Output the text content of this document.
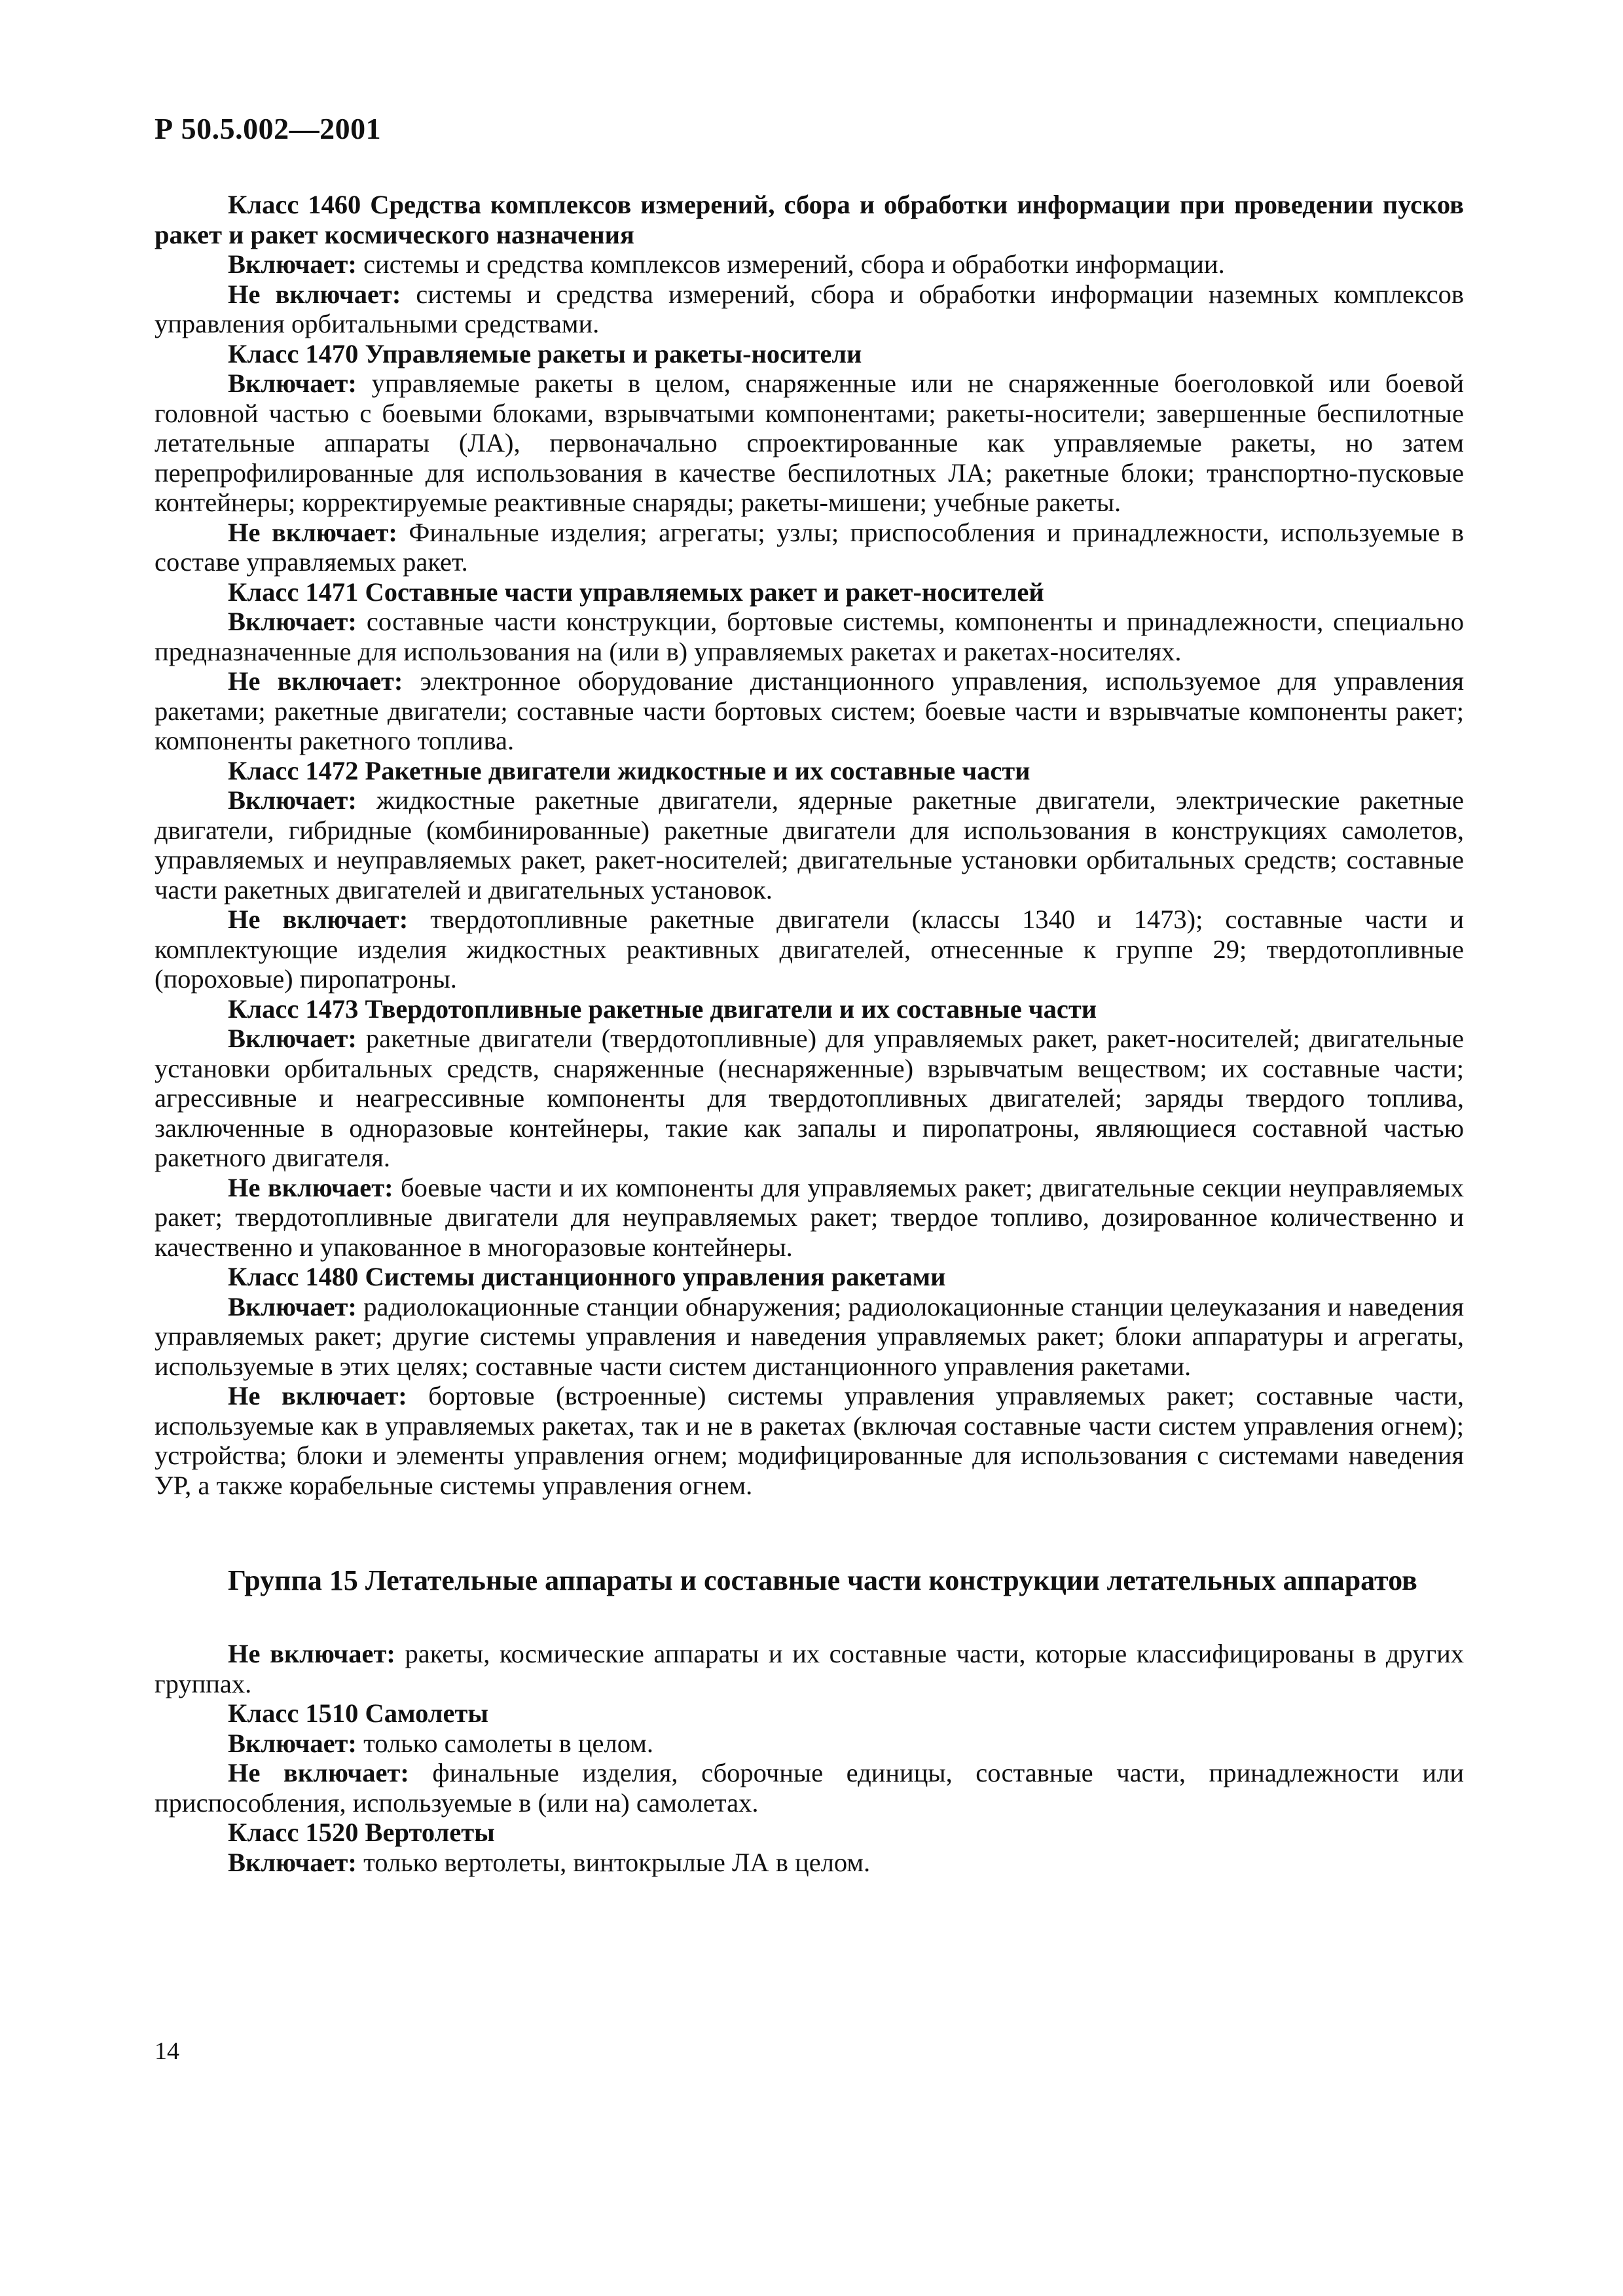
Р 50.5.002—2001

Класс 1460 Средства комплексов измерений, сбора и обработки информации при проведении пусков ракет и ракет космического назначения

Включает: системы и средства комплексов измерений, сбора и обработки информации.

Не включает: системы и средства измерений, сбора и обработки информации наземных комплексов управления орбитальными средствами.

Класс 1470 Управляемые ракеты и ракеты-носители

Включает: управляемые ракеты в целом, снаряженные или не снаряженные боеголовкой или боевой головной частью с боевыми блоками, взрывчатыми компонентами; ракеты-носители; завершенные беспилотные летательные аппараты (ЛА), первоначально спроектированные как управляемые ракеты, но затем перепрофилированные для использования в качестве беспилотных ЛА; ракетные блоки; транспортно-пусковые контейнеры; корректируемые реактивные снаряды; ракеты-мишени; учебные ракеты.

Не включает: Финальные изделия; агрегаты; узлы; приспособления и принадлежности, используемые в составе управляемых ракет.

Класс 1471 Составные части управляемых ракет и ракет-носителей

Включает: составные части конструкции, бортовые системы, компоненты и принадлежности, специально предназначенные для использования на (или в) управляемых ракетах и ракетах-носителях.

Не включает: электронное оборудование дистанционного управления, используемое для управления ракетами; ракетные двигатели; составные части бортовых систем; боевые части и взрывчатые компоненты ракет; компоненты ракетного топлива.

Класс 1472 Ракетные двигатели жидкостные и их составные части

Включает: жидкостные ракетные двигатели, ядерные ракетные двигатели, электрические ракетные двигатели, гибридные (комбинированные) ракетные двигатели для использования в конструкциях самолетов, управляемых и неуправляемых ракет, ракет-носителей; двигательные установки орбитальных средств; составные части ракетных двигателей и двигательных установок.

Не включает: твердотопливные ракетные двигатели (классы 1340 и 1473); составные части и комплектующие изделия жидкостных реактивных двигателей, отнесенные к группе 29; твердотопливные (пороховые) пиропатроны.

Класс 1473 Твердотопливные ракетные двигатели и их составные части

Включает: ракетные двигатели (твердотопливные) для управляемых ракет, ракет-носителей; двигательные установки орбитальных средств, снаряженные (неснаряженные) взрывчатым веществом; их составные части; агрессивные и неагрессивные компоненты для твердотопливных двигателей; заряды твердого топлива, заключенные в одноразовые контейнеры, такие как запалы и пиропатроны, являющиеся составной частью ракетного двигателя.

Не включает: боевые части и их компоненты для управляемых ракет; двигательные секции неуправляемых ракет; твердотопливные двигатели для неуправляемых ракет; твердое топливо, дозированное количественно и качественно и упакованное в многоразовые контейнеры.

Класс 1480 Системы дистанционного управления ракетами

Включает: радиолокационные станции обнаружения; радиолокационные станции целеуказания и наведения управляемых ракет; другие системы управления и наведения управляемых ракет; блоки аппаратуры и агрегаты, используемые в этих целях; составные части систем дистанционного управления ракетами.

Не включает: бортовые (встроенные) системы управления управляемых ракет; составные части, используемые как в управляемых ракетах, так и не в ракетах (включая составные части систем управления огнем); устройства; блоки и элементы управления огнем; модифицированные для использования с системами наведения УР, а также корабельные системы управления огнем.

Группа 15 Летательные аппараты и составные части конструкции летательных аппаратов

Не включает: ракеты, космические аппараты и их составные части, которые классифицированы в других группах.

Класс 1510 Самолеты

Включает: только самолеты в целом.

Не включает: финальные изделия, сборочные единицы, составные части, принадлежности или приспособления, используемые в (или на) самолетах.

Класс 1520 Вертолеты

Включает: только вертолеты, винтокрылые ЛА в целом.

14
